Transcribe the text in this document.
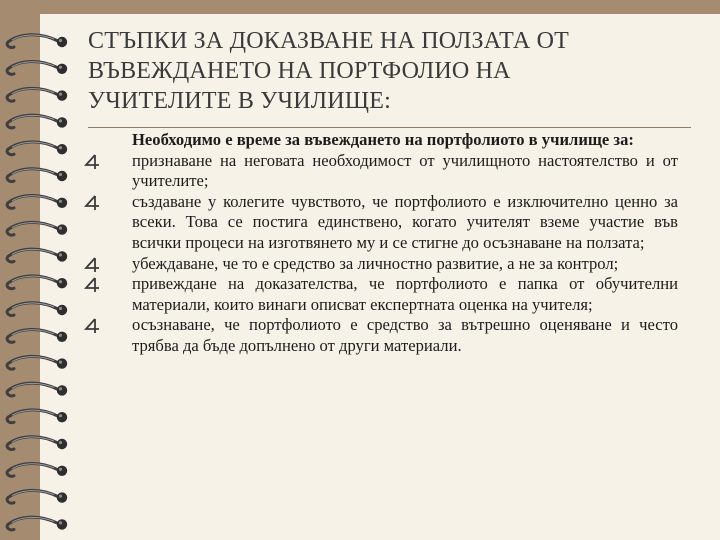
СТЪПКИ ЗА ДОКАЗВАНЕ НА ПОЛЗАТА ОТ
ВЪВЕЖДАНЕТО НА ПОРТФОЛИО НА
УЧИТЕЛИТЕ В УЧИЛИЩЕ:

Необходимо е време за въвеждането на портфолиото в училище за:

признаване на неговата необходимост от училищното настоятелство и от учителите;
създаване у колегите чувството, че портфолиото е изключително ценно за всеки. Това се постига единствено, когато учителят вземе участие във всички процеси на изготвянето му и се стигне до осъзнаване на ползата;
убеждаване, че то е средство за личностно развитие, а не за контрол;
привеждане на доказателства, че портфолиото е папка от обучителни материали, които винаги описват експертната оценка на учителя;
осъзнаване, че портфолиото е средство за вътрешно оценяване и често трябва да бъде допълнено от други материали.
